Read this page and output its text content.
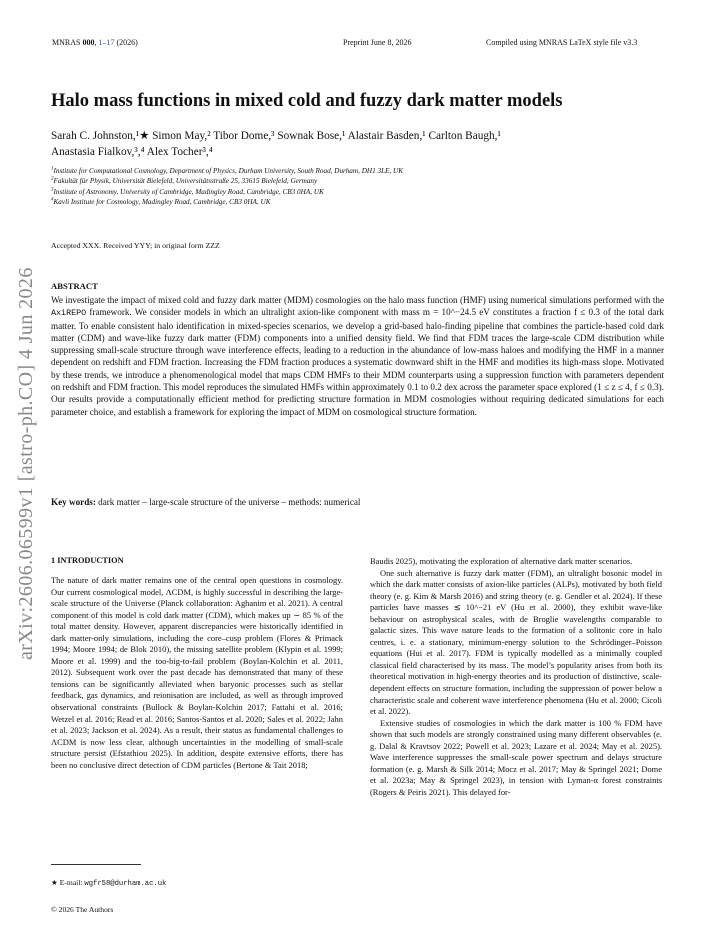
MNRAS 000, 1–17 (2026)	Preprint June 8, 2026	Compiled using MNRAS LaTeX style file v3.3
arXiv:2606.06599v1 [astro-ph.CO] 4 Jun 2026
Halo mass functions in mixed cold and fuzzy dark matter models
Sarah C. Johnston,¹★ Simon May,² Tibor Dome,³ Sownak Bose,¹ Alastair Basden,¹ Carlton Baugh,¹
Anastasia Fialkov,³,⁴ Alex Tocher³,⁴
$^1$Institute for Computational Cosmology, Department of Physics, Durham University, South Road, Durham, DH1 3LE, UK
$^2$Fakultät für Physik, Universität Bielefeld, Universitätsstraße 25, 33615 Bielefeld, Germany
$^3$Institute of Astronomy, University of Cambridge, Madingley Road, Cambridge, CB3 0HA, UK
$^4$Kavli Institute for Cosmology, Madingley Road, Cambridge, CB3 0HA, UK
Accepted XXX. Received YYY; in original form ZZZ
ABSTRACT
We investigate the impact of mixed cold and fuzzy dark matter (MDM) cosmologies on the halo mass function (HMF) using numerical simulations performed with the AxiREPO framework. We consider models in which an ultralight axion-like component with mass m = 10^−24.5 eV constitutes a fraction f ≤ 0.3 of the total dark matter. To enable consistent halo identification in mixed-species scenarios, we develop a grid-based halo-finding pipeline that combines the particle-based cold dark matter (CDM) and wave-like fuzzy dark matter (FDM) components into a unified density field. We find that FDM traces the large-scale CDM distribution while suppressing small-scale structure through wave interference effects, leading to a reduction in the abundance of low-mass haloes and modifying the HMF in a manner dependent on redshift and FDM fraction. Increasing the FDM fraction produces a systematic downward shift in the HMF and modifies its high-mass slope. Motivated by these trends, we introduce a phenomenological model that maps CDM HMFs to their MDM counterparts using a suppression function with parameters dependent on redshift and FDM fraction. This model reproduces the simulated HMFs within approximately 0.1 to 0.2 dex across the parameter space explored (1 ≤ z ≤ 4, f ≤ 0.3). Our results provide a computationally efficient method for predicting structure formation in MDM cosmologies without requiring dedicated simulations for each parameter choice, and establish a framework for exploring the impact of MDM on cosmological structure formation.
Key words: dark matter – large-scale structure of the universe – methods: numerical
1 INTRODUCTION

The nature of dark matter remains one of the central open questions in cosmology. Our current cosmological model, ΛCDM, is highly successful in describing the large-scale structure of the Universe (Planck collaboration: Aghanim et al. 2021). A central component of this model is cold dark matter (CDM), which makes up ∼ 85 % of the total matter density. However, apparent discrepancies were historically identified in dark matter-only simulations, including the core–cusp problem (Flores & Primack 1994; Moore 1994; de Blok 2010), the missing satellite problem (Klypin et al. 1999; Moore et al. 1999) and the too-big-to-fail problem (Boylan-Kolchin et al. 2011, 2012). Subsequent work over the past decade has demonstrated that many of these tensions can be significantly alleviated when baryonic processes such as stellar feedback, gas dynamics, and reionisation are included, as well as through improved observational constraints (Bullock & Boylan-Kolchin 2017; Fattahi et al. 2016; Wetzel et al. 2016; Read et al. 2016; Santos-Santos et al. 2020; Sales et al. 2022; Jahn et al. 2023; Jackson et al. 2024). As a result, their status as fundamental challenges to ΛCDM is now less clear, although uncertainties in the modelling of small-scale structure persist (Efstathiou 2025). In addition, despite extensive efforts, there has been no conclusive direct detection of CDM particles (Bertone & Tait 2018;

Baudis 2025), motivating the exploration of alternative dark matter scenarios.

One such alternative is fuzzy dark matter (FDM), an ultralight bosonic model in which the dark matter consists of axion-like particles (ALPs), motivated by both field theory (e. g. Kim & Marsh 2016) and string theory (e. g. Gendler et al. 2024). If these particles have masses ≲ 10^−21 eV (Hu et al. 2000), they exhibit wave-like behaviour on astrophysical scales, with de Broglie wavelengths comparable to galactic sizes. This wave nature leads to the formation of a solitonic core in halo centres, i. e. a stationary, minimum-energy solution to the Schrödinger–Poisson equations (Hui et al. 2017). FDM is typically modelled as a minimally coupled classical field characterised by its mass. The model’s popularity arises from both its theoretical motivation in high-energy theories and its production of distinctive, scale-dependent effects on structure formation, including the suppression of power below a characteristic scale and coherent wave interference phenomena (Hu et al. 2000; Cicoli et al. 2022).

Extensive studies of cosmologies in which the dark matter is 100 % FDM have shown that such models are strongly constrained using many different observables (e. g. Dalal & Kravtsov 2022; Powell et al. 2023; Lazare et al. 2024; May et al. 2025). Wave interference suppresses the small-scale power spectrum and delays structure formation (e. g. Marsh & Silk 2014; Mocz et al. 2017; May & Springel 2021; Dome et al. 2023a; May & Springel 2023), in tension with Lyman-α forest constraints (Rogers & Peiris 2021). This delayed for-

★ E-mail: wgfr58@durham.ac.uk
© 2026 The Authors
